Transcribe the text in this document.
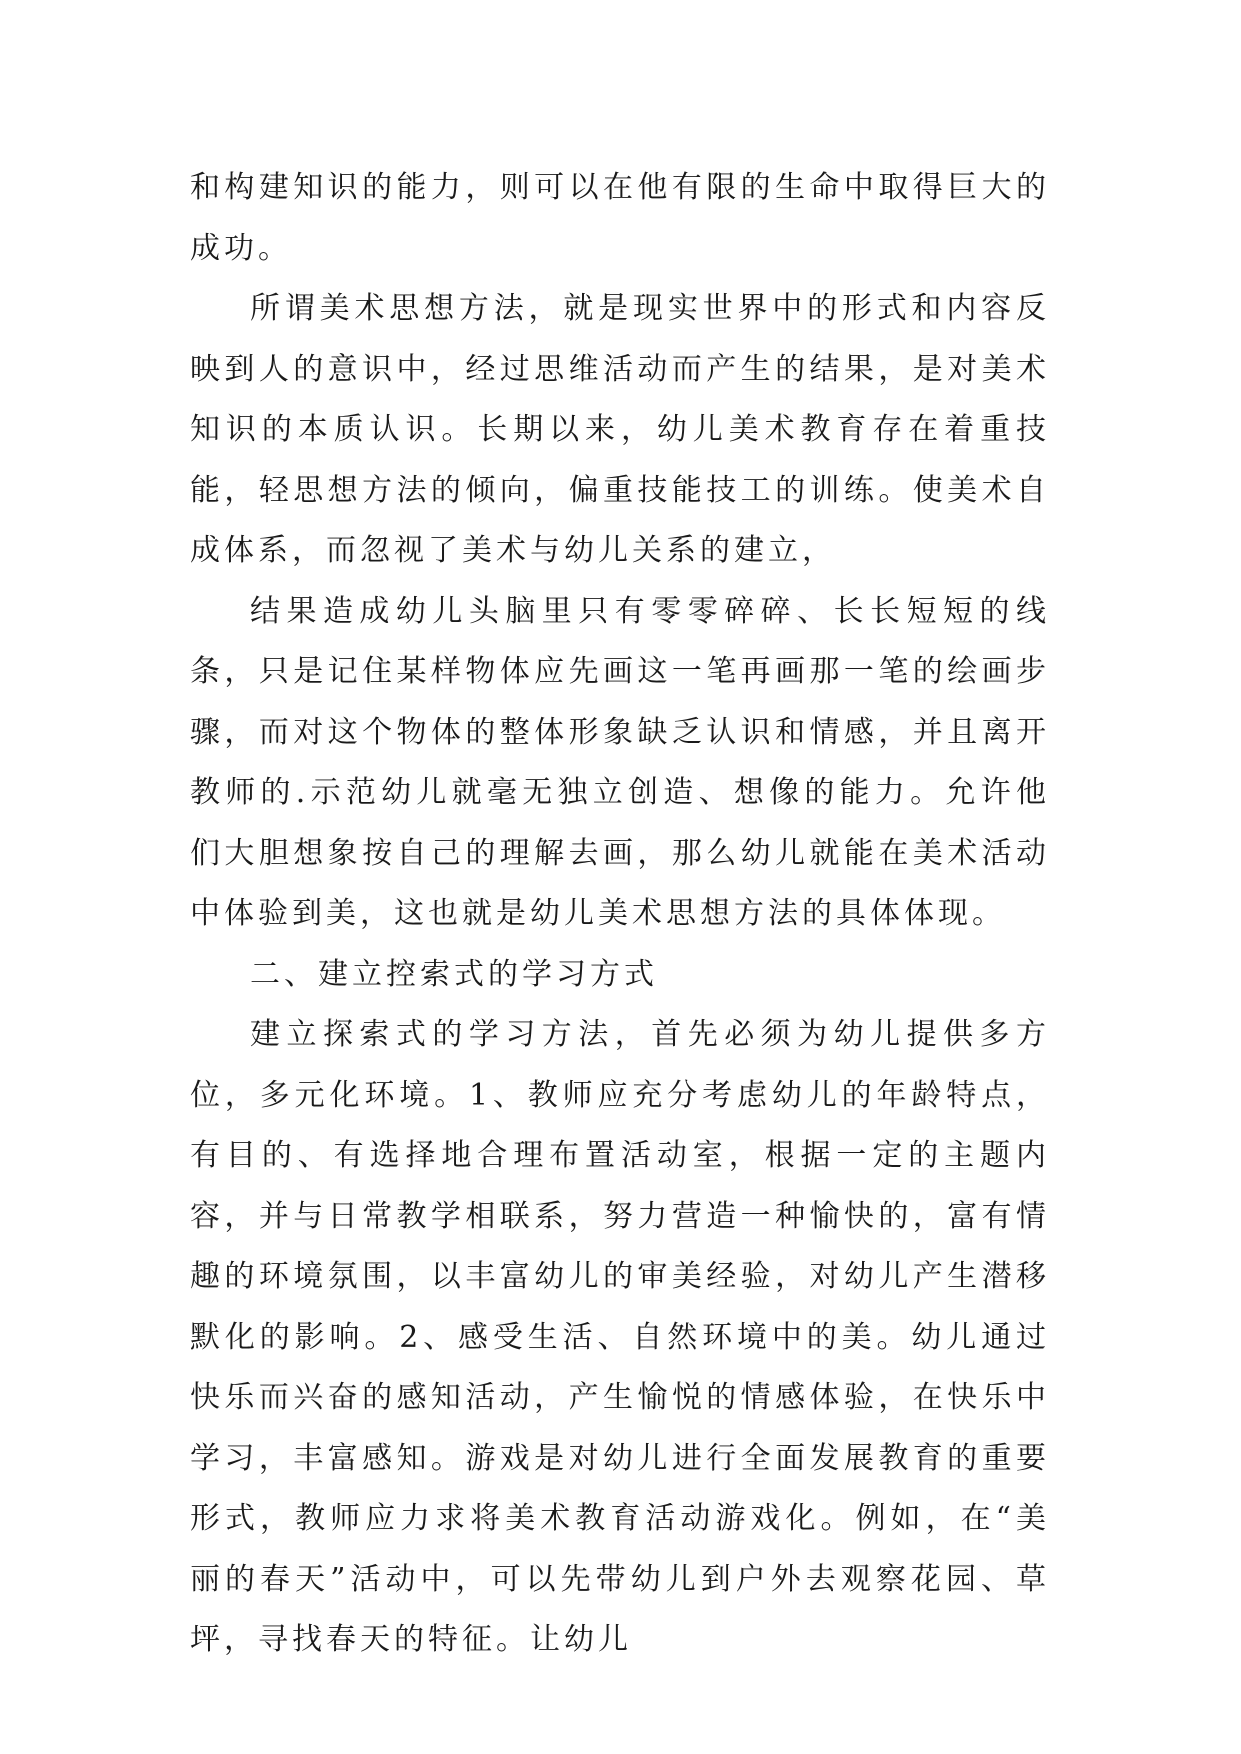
和构建知识的能力，则可以在他有限的生命中取得巨大的成功。

所谓美术思想方法，就是现实世界中的形式和内容反映到人的意识中，经过思维活动而产生的结果，是对美术知识的本质认识。长期以来，幼儿美术教育存在着重技能，轻思想方法的倾向，偏重技能技工的训练。使美术自成体系，而忽视了美术与幼儿关系的建立，

结果造成幼儿头脑里只有零零碎碎、长长短短的线条，只是记住某样物体应先画这一笔再画那一笔的绘画步骤，而对这个物体的整体形象缺乏认识和情感，并且离开教师的.示范幼儿就毫无独立创造、想像的能力。允许他们大胆想象按自己的理解去画，那么幼儿就能在美术活动中体验到美，这也就是幼儿美术思想方法的具体体现。

二、建立控索式的学习方式

建立探索式的学习方法，首先必须为幼儿提供多方位，多元化环境。1、教师应充分考虑幼儿的年龄特点，有目的、有选择地合理布置活动室，根据一定的主题内容，并与日常教学相联系，努力营造一种愉快的，富有情趣的环境氛围，以丰富幼儿的审美经验，对幼儿产生潜移默化的影响。2、感受生活、自然环境中的美。幼儿通过快乐而兴奋的感知活动，产生愉悦的情感体验，在快乐中学习，丰富感知。游戏是对幼儿进行全面发展教育的重要形式，教师应力求将美术教育活动游戏化。例如，在“美丽的春天”活动中，可以先带幼儿到户外去观察花园、草坪，寻找春天的特征。让幼儿
